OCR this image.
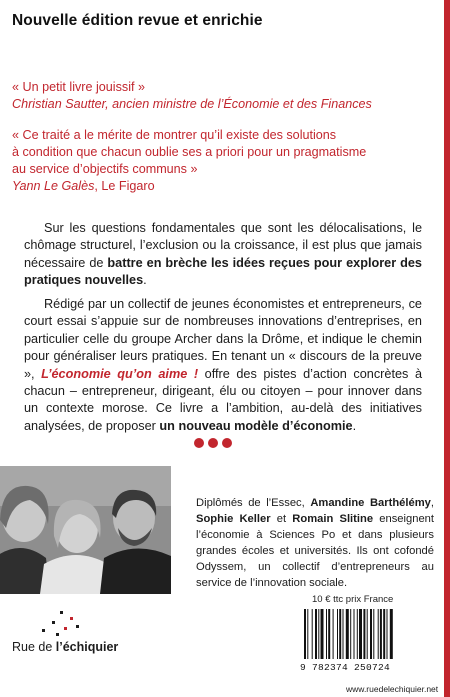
Nouvelle édition revue et enrichie
« Un petit livre jouissif »
Christian Sautter, ancien ministre de l’Économie et des Finances
« Ce traité a le mérite de montrer qu’il existe des solutions
à condition que chacun oublie ses a priori pour un pragmatisme
au service d’objectifs communs »
Yann Le Galès, Le Figaro

Sur les questions fondamentales que sont les délocalisations, le chômage structurel, l’exclusion ou la croissance, il est plus que jamais nécessaire de battre en brèche les idées reçues pour explorer des pratiques nouvelles.

Rédigé par un collectif de jeunes économistes et entrepreneurs, ce court essai s’appuie sur de nombreuses innovations d’entreprises, en particulier celle du groupe Archer dans la Drôme, et indique le chemin pour généraliser leurs pratiques. En tenant un « discours de la preuve », L’économie qu’on aime ! offre des pistes d’action concrètes à chacun – entrepreneur, dirigeant, élu ou citoyen – pour innover dans un contexte morose. Ce livre a l’ambition, au-delà des initiatives analysées, de proposer un nouveau modèle d’économie.

Diplômés de l’Essec, Amandine Barthélémy, Sophie Keller et Romain Slitine enseignent l’économie à Sciences Po et dans plusieurs grandes écoles et universités. Ils ont cofondé Odyssem, un collectif d’entrepreneurs au service de l’innovation sociale.
10 € ttc prix France
9 782374 250724
www.ruedelechiquier.net
Rue de l’échiquier
